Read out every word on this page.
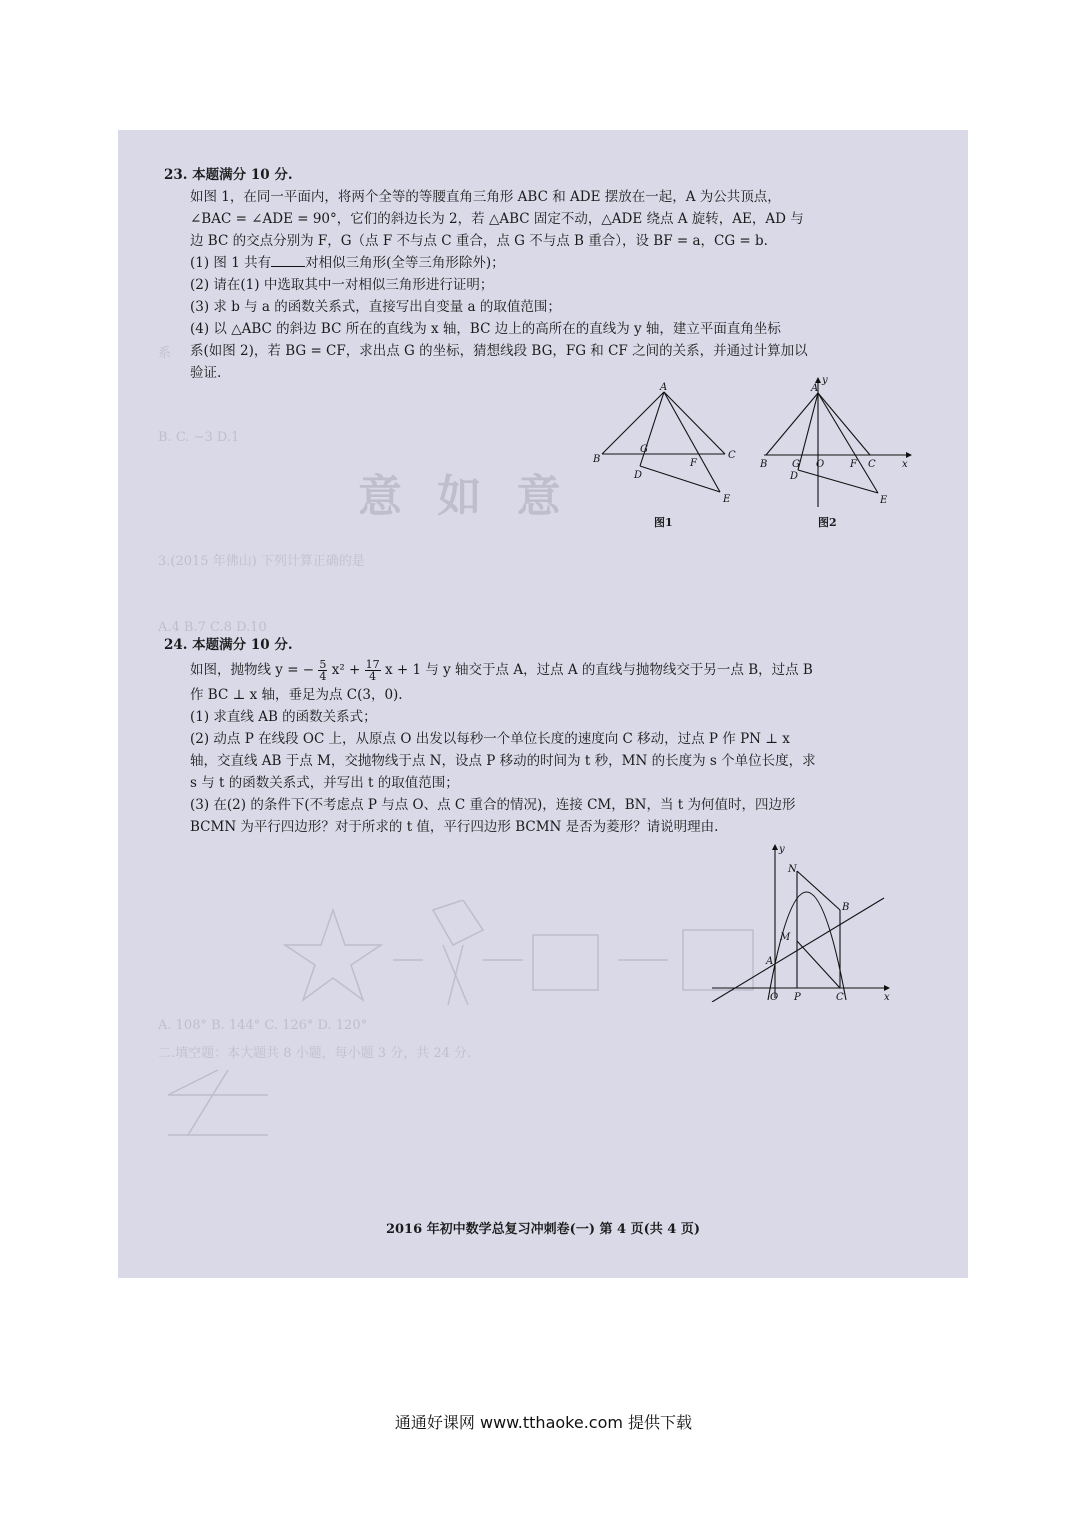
系
B. C. −3 D.1
意 如 意
3.(2015 年佛山) 下列计算正确的是
A.4 B.7 C.8 D.10
A. 108° B. 144° C. 126° D. 120°
二.填空题：本大题共 8 小题，每小题 3 分，共 24 分.

23. 本题满分 10 分.

如图 1，在同一平面内，将两个全等的等腰直角三角形 ABC 和 ADE 摆放在一起，A 为公共顶点，

∠BAC = ∠ADE = 90°，它们的斜边长为 2，若 △ABC 固定不动，△ADE 绕点 A 旋转，AE，AD 与

边 BC 的交点分别为 F，G（点 F 不与点 C 重合，点 G 不与点 B 重合），设 BF = a，CG = b.

(1) 图 1 共有	对相似三角形(全等三角形除外)；

(2) 请在(1) 中选取其中一对相似三角形进行证明；

(3) 求 b 与 a 的函数关系式，直接写出自变量 a 的取值范围；

(4) 以 △ABC 的斜边 BC 所在的直线为 x 轴，BC 边上的高所在的直线为 y 轴，建立平面直角坐标

系(如图 2)，若 BG = CF，求出点 G 的坐标，猜想线段 BG，FG 和 CF 之间的关系，并通过计算加以

验证.

A
B	C
D
E
G
F
图1
y
A
B G O	F C	x
D
E
图2

24. 本题满分 10 分.

如图，抛物线 y = − $\frac{5}{4} x^2 + \frac{17}{4}$ x + 1 与 y 轴交于点 A，过点 A 的直线与抛物线交于另一点 B，过点 B

作 BC ⊥ x 轴，垂足为点 C(3，0).

(1) 求直线 AB 的函数关系式；

(2) 动点 P 在线段 OC 上，从原点 O 出发以每秒一个单位长度的速度向 C 移动，过点 P 作 PN ⊥ x

轴，交直线 AB 于点 M，交抛物线于点 N，设点 P 移动的时间为 t 秒，MN 的长度为 s 个单位长度，求

s 与 t 的函数关系式，并写出 t 的取值范围；

(3) 在(2) 的条件下(不考虑点 P 与点 O、点 C 重合的情况)，连接 CM，BN，当 t 为何值时，四边形

BCMN 为平行四边形？对于所求的 t 值，平行四边形 BCMN 是否为菱形？请说明理由.

y
A
B
N
M
O P	C	x
2016 年初中数学总复习冲刺卷(一) 第 4 页(共 4 页)
通通好课网 www.tthaoke.com 提供下载
